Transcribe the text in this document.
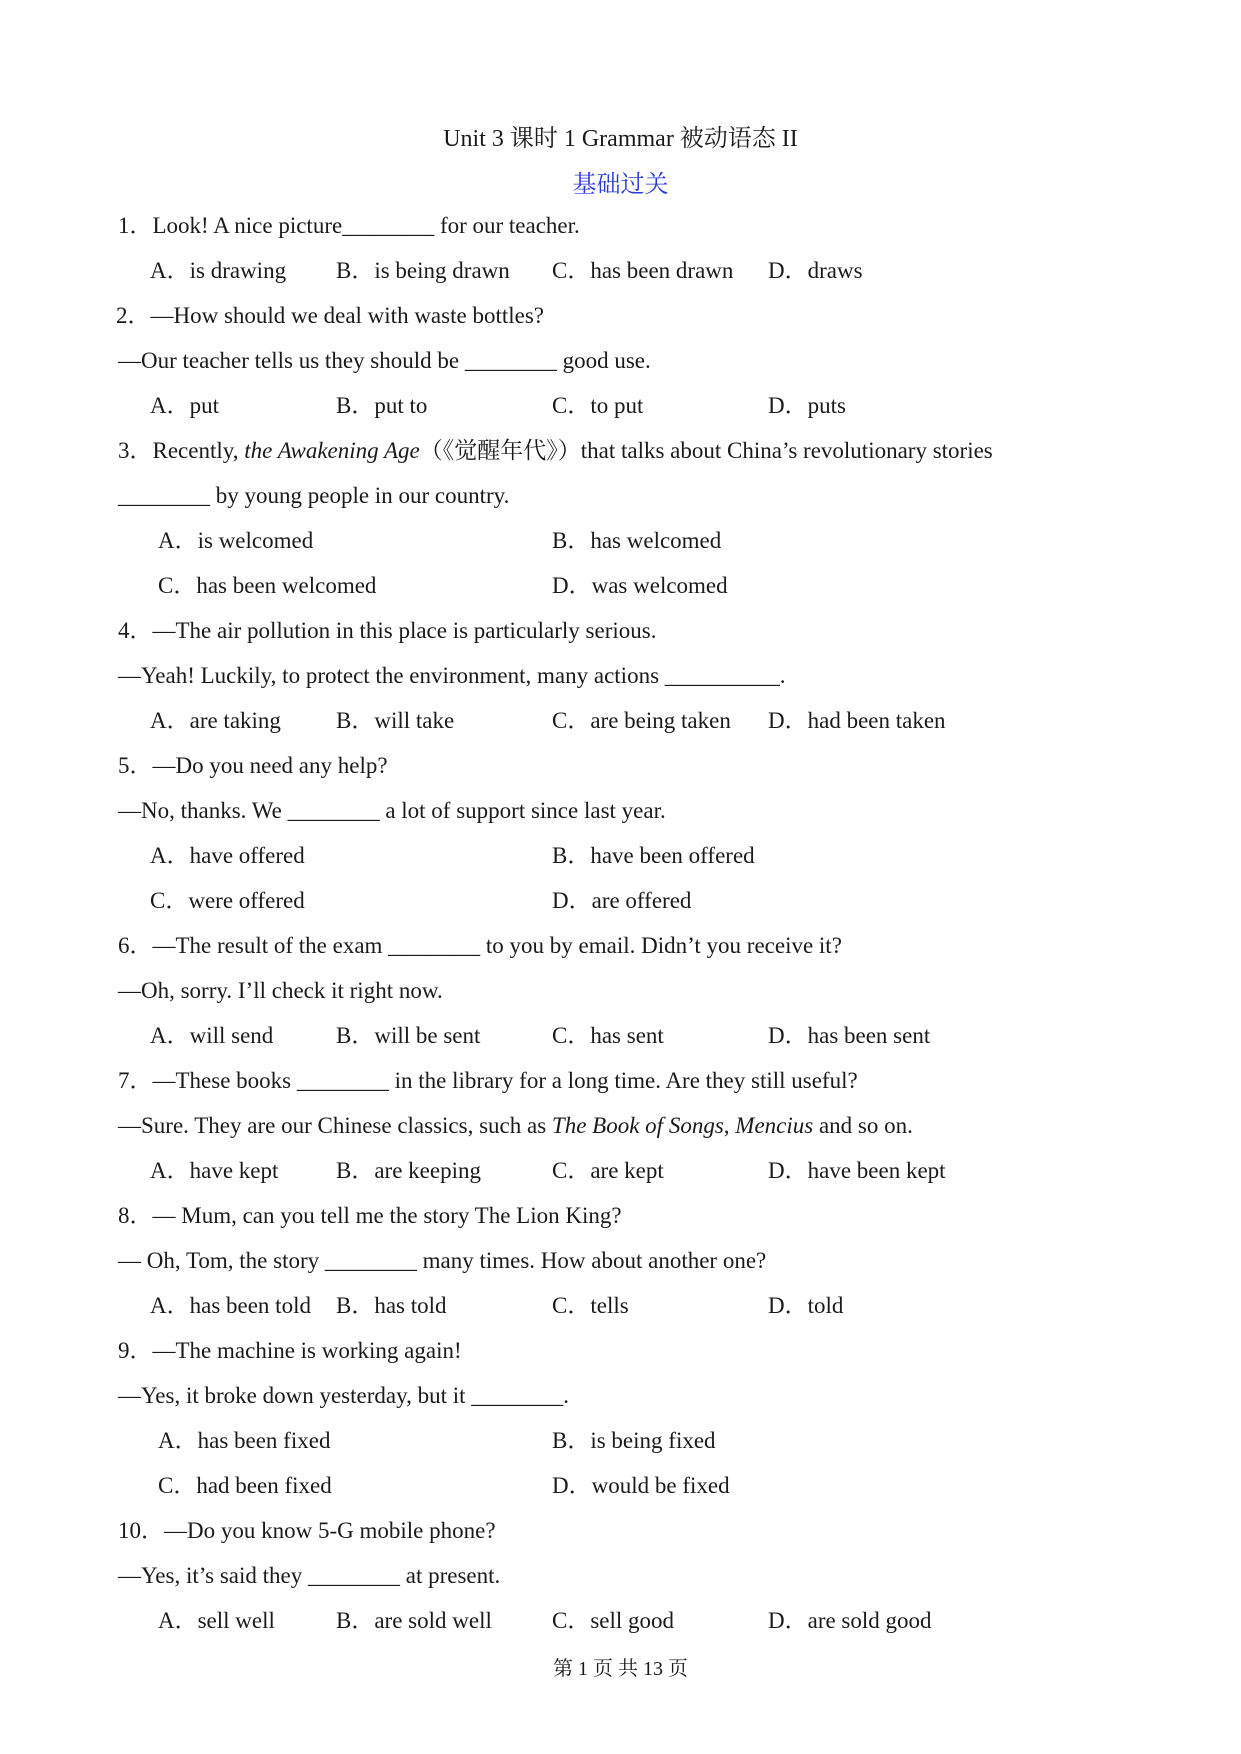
Unit 3 课时 1 Grammar 被动语态 II
基础过关
1．Look! A nice picture________ for our teacher.
A．is drawing B．is being drawn C．has been drawn D．draws
2．—How should we deal with waste bottles?
—Our teacher tells us they should be ________ good use.
A．put	B．put to	C．to put	D．puts
3．Recently, the Awakening Age（《觉醒年代》）that talks about China’s revolutionary stories
________ by young people in our country.
A．is welcomed	B．has welcomed
C．has been welcomed	D．was welcomed
4．—The air pollution in this place is particularly serious.
—Yeah! Luckily, to protect the environment, many actions __________.
A．are taking B．will take	C．are being taken D．had been taken
5．—Do you need any help?
—No, thanks. We ________ a lot of support since last year.
A．have offered	B．have been offered
C．were offered	D．are offered
6．—The result of the exam ________ to you by email. Didn’t you receive it?
—Oh, sorry. I’ll check it right now.
A．will send	B．will be sent	C．has sent	D．has been sent
7．—These books ________ in the library for a long time. Are they still useful?
—Sure. They are our Chinese classics, such as The Book of Songs, Mencius and so on.
A．have kept	B．are keeping	C．are kept	D．have been kept
8．— Mum, can you tell me the story The Lion King?
— Oh, Tom, the story ________ many times. How about another one?
A．has been told B．has told	C．tells	D．told
9．—The machine is working again!
—Yes, it broke down yesterday, but it ________.
A．has been fixed	B．is being fixed
C．had been fixed	D．would be fixed
10．—Do you know 5-G mobile phone?
—Yes, it’s said they ________ at present.
A．sell well	B．are sold well	C．sell good	D．are sold good
第 1 页 共 13 页
